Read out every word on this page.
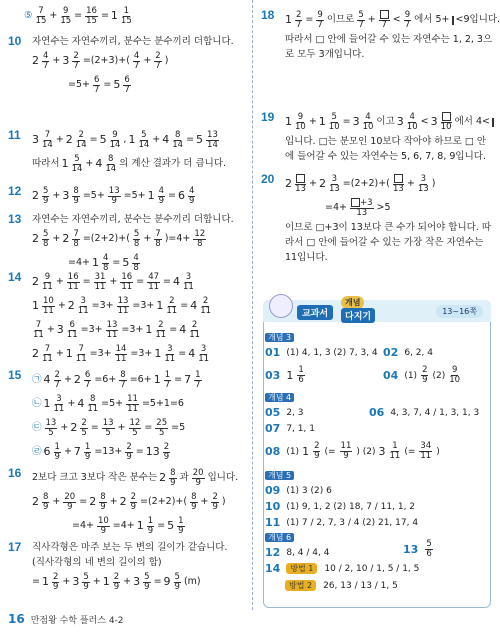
⑤ $\frac{7}{15} + \frac{9}{15} = \frac{16}{15} = 1 \frac{1}{15}$
10 자연수는 자연수끼리, 분수는 분수끼리 더합니다.
$2 \frac{4}{7} + 3 \frac{2}{7} =(2+3)+( \frac{4}{7} + \frac{2}{7}$ )
$=5+ \frac{6}{7} = 5 \frac{6}{7}$
11 $3 \frac{7}{14} + 2 \frac{2}{14} = 5 \frac{9}{14}$ , $1 \frac{5}{14} + 4 \frac{8}{14} = 5 \frac{13}{14}$
따라서 $1 \frac{5}{14} + 4 \frac{8}{14}$ 의 계산 결과가 더 큽니다.
12 $2 \frac{5}{9} + 3 \frac{8}{9} =5+ \frac{13}{9} =5+ 1 \frac{4}{9} = 6 \frac{4}{9}$
13 자연수는 자연수끼리, 분수는 분수끼리 더합니다.
$2 \frac{5}{8} + 2 \frac{7}{8} =(2+2)+( \frac{5}{8} + \frac{7}{8} )=4+ \frac{12}{8}$
$=4+ 1 \frac{4}{8} = 5 \frac{4}{8}$
14 $2 \frac{9}{11} + \frac{16}{11} = \frac{31}{11} + \frac{16}{11} = \frac{47}{11} = 4 \frac{3}{11}$
$1 \frac{10}{11} + 2 \frac{3}{11} =3+ \frac{13}{11} =3+ 1 \frac{2}{11} = 4 \frac{2}{11}$
$\frac{7}{11} + 3 \frac{6}{11} =3+ \frac{13}{11} =3+ 1 \frac{2}{11} = 4 \frac{2}{11}$
$2 \frac{7}{11} + 1 \frac{7}{11} =3+ \frac{14}{11} =3+ 1 \frac{3}{11} = 4 \frac{3}{11}$
15 ㉠ $4 \frac{2}{7} + 2 \frac{6}{7} =6+ \frac{8}{7} =6+ 1 \frac{1}{7} = 7 \frac{1}{7}$
㉡ $1 \frac{3}{11} + 4 \frac{8}{11} =5+ \frac{11}{11} =5+1=6$
㉢ $\frac{13}{5} + 2 \frac{2}{5} = \frac{13}{5} + \frac{12}{5} = \frac{25}{5} =5$
㉣ $6 \frac{1}{9} + 7 \frac{1}{9} =13+ \frac{2}{9} = 13 \frac{2}{9}$
16 2보다 크고 3보다 작은 분수는 $2 \frac{8}{9}$ 과 $\frac{20}{9}$ 입니다.
$2 \frac{8}{9} + \frac{20}{9} = 2 \frac{8}{9} + 2 \frac{2}{9} =(2+2)+( \frac{8}{9} + \frac{2}{9}$ )
$=4+ \frac{10}{9} =4+ 1 \frac{1}{9} = 5 \frac{1}{9}$
17 직사각형은 마주 보는 두 변의 길이가 같습니다.
(직사각형의 네 변의 길이의 합)
= $1 \frac{2}{9} + 3 \frac{5}{9} + 1 \frac{2}{9} + 3 \frac{5}{9} = 9 \frac{5}{9} (m)$
18 $1 \frac{2}{7} = \frac{9}{7}$ 이므로 $\frac{5}{7} + 7 < \frac{9}{7}$ 에서 5+ <9입니다.
따라서 □ 안에 들어갈 수 있는 자연수는 1, 2, 3으로 모두 3개입니다.
19 $1 \frac{9}{10} + 1 \frac{5}{10} = 3 \frac{4}{10}$ 이고 $3 \frac{4}{10} < 3$ 10 에서 4<
입니다. □는 분모인 10보다 작아야 하므로 □ 안에 들어갈 수 있는 자연수는 5, 6, 7, 8, 9입니다.
20 2 $13 + 2 \frac{3}{13} =(2+2)+$( $13 + \frac{3}{13}$ )
$=4+ \frac{+3}{13} >5$
이므로 □+3이 13보다 큰 수가 되어야 합니다. 따라서 □ 안에 들어갈 수 있는 가장 작은 자연수는 11입니다.
교과서
개념
다지기
13~16쪽
개념 3
01 (1) 4, 1, 3 (2) 7, 3, 4 02 6, 2, 4
03 $1 \frac{1}{6}$	04 $(1) \frac{2}{9} (2) \frac{9}{10}$
개념 4
05 2, 3	06 4, 3, 7, 4 / 1, 3, 1, 3
07 7, 1, 1
08 (1) $1 \frac{2}{9}$ (= $\frac{11}{9}$ ) (2) $3 \frac{1}{11}$ (= $\frac{34}{11}$ )
개념 5
09 (1) 3 (2) 6
10 (1) 9, 1, 2 (2) 18, 7 / 11, 1, 2
11 (1) 7 / 2, 7, 3 / 4 (2) 21, 17, 4
개념 6
12 8, 4 / 4, 4	$13 \frac{5}{6}$
14	방법 1	10 / 2, 10 / 1, 5 / 1, 5
방법 2	26, 13 / 13 / 1, 5
16 만점왕 수학 플러스 4-2
